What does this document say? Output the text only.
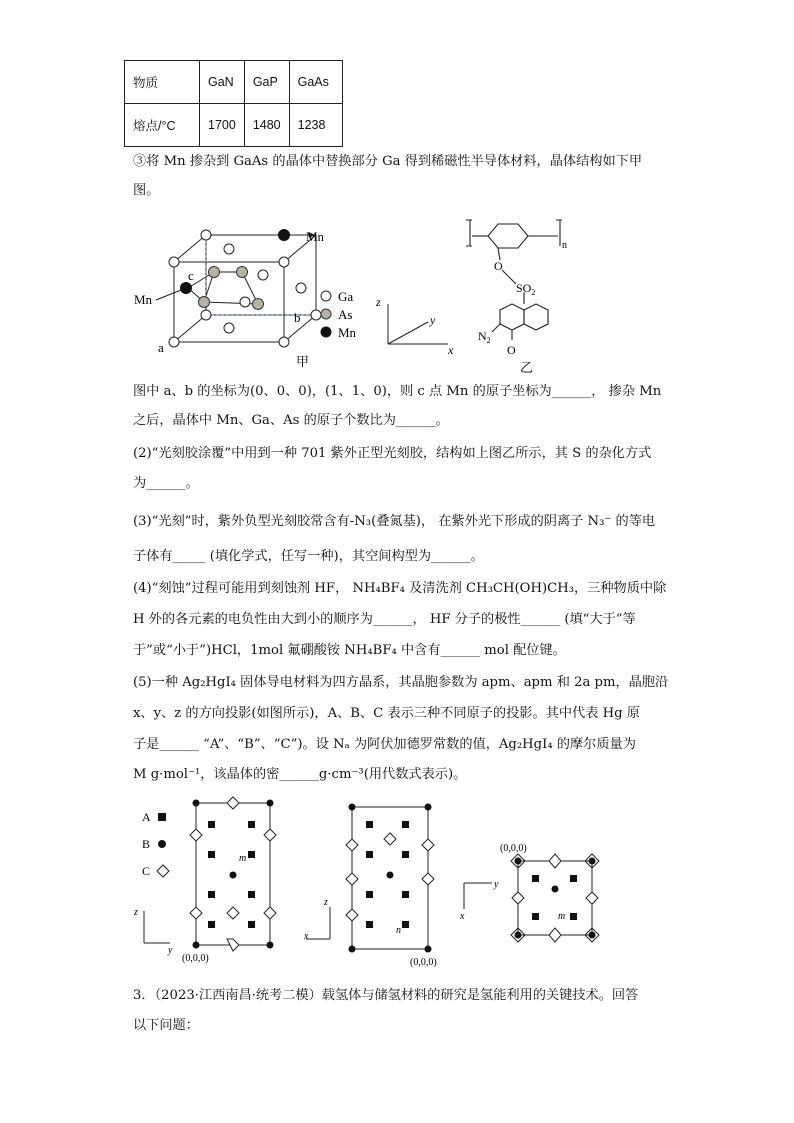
物质	GaN	GaP	GaAs
熔点/°C	1700	1480	1238
③将 Mn 掺杂到 GaAs 的晶体中替换部分 Ga 得到稀磁性半导体材料，晶体结构如下甲
图。
Mn
Mn
c
a
b
Ga
As
Mn
甲
z
y
x
n
O
$SO_2$
$N_2$
O
乙
图中 a、b 的坐标为(0、0、0)，(1、1、0)，则 c 点 Mn 的原子坐标为______， 掺杂 Mn
之后，晶体中 Mn、Ga、As 的原子个数比为______。
(2)“光刻胶涂覆”中用到一种 701 紫外正型光刻胶，结构如上图乙所示，其 S 的杂化方式
为______。
(3)“光刻”时，紫外负型光刻胶常含有-N₃(叠氮基)， 在紫外光下形成的阴离子 N₃⁻ 的等电
子体有_____ (填化学式，任写一种)，其空间构型为______。
(4)“刻蚀”过程可能用到刻蚀剂 HF， NH₄BF₄ 及清洗剂 CH₃CH(OH)CH₃，三种物质中除
H 外的各元素的电负性由大到小的顺序为______， HF 分子的极性______ (填“大于”等
于”或“小于”)HCl，1mol 氟硼酸铵 NH₄BF₄ 中含有______ mol 配位键。
(5)一种 Ag₂HgI₄ 固体导电材料为四方晶系，其晶胞参数为 apm、apm 和 2a pm，晶胞沿
x、y、z 的方向投影(如图所示)，A、B、C 表示三种不同原子的投影。其中代表 Hg 原
子是______ “A”、“B”、“C”)。设 Nₐ 为阿伏加德罗常数的值，Ag₂HgI₄ 的摩尔质量为
M g·mol⁻¹，该晶体的密______g·cm⁻³(用代数式表示)。
A
B
C
m
(0,0,0)
z
y
n
(0,0,0)
z
x
m
(0,0,0)
y
x
3．（2023·江西南昌·统考二模）载氢体与储氢材料的研究是氢能利用的关键技术。回答
以下问题：
